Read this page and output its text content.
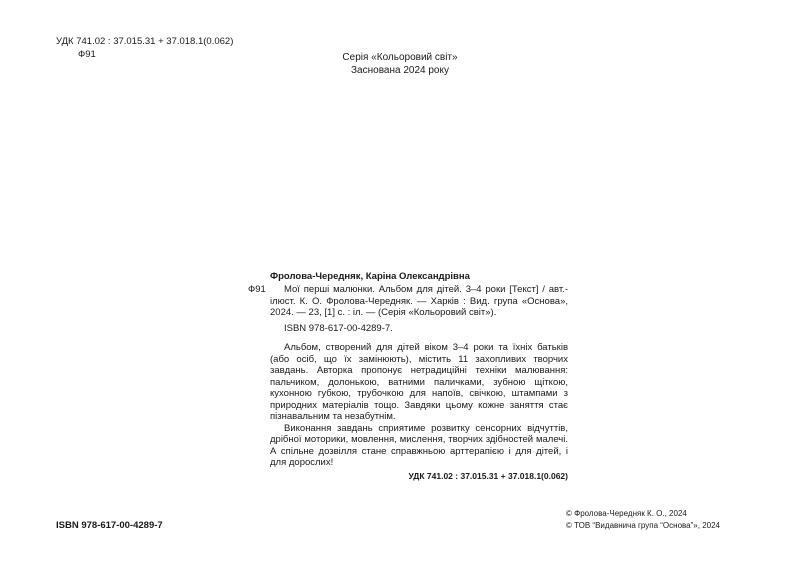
УДК 741.02 : 37.015.31 + 37.018.1(0.062)
Ф91	Серія «Кольоровий світ»
Заснована 2024 року
Фролова-Чередняк, Каріна Олександрівна
Ф91	Мої перші малюнки. Альбом для дітей. 3–4 роки [Текст] / авт.-ілюст. К. О. Фролова-Чередняк. — Харків : Вид. група «Основа», 2024. — 23, [1] с. : іл. — (Серія «Кольоровий світ»).

ISBN 978-617-00-4289-7.

Альбом, створений для дітей віком 3–4 роки та їхніх батьків (або осіб, що їх замінюють), містить 11 захопливих творчих завдань. Авторка пропонує нетрадиційні техніки малювання: пальчиком, долонькою, ватними паличками, зубною щіткою, кухонною губкою, трубочкою для напоїв, свічкою, штампами з природних матеріалів тощо. Завдяки цьому кожне заняття стає пізнавальним та незабутнім.

Виконання завдань сприятиме розвитку сенсорних відчуттів, дрібної моторики, мовлення, мислення, творчих здібностей малечі. А спільне дозвілля стане справжньою арттерапією і для дітей, і для дорослих!

УДК 741.02 : 37.015.31 + 37.018.1(0.062)
ISBN 978-617-00-4289-7
© Фролова-Чередняк К. О., 2024
© ТОВ “Видавнича група “Основа”», 2024
